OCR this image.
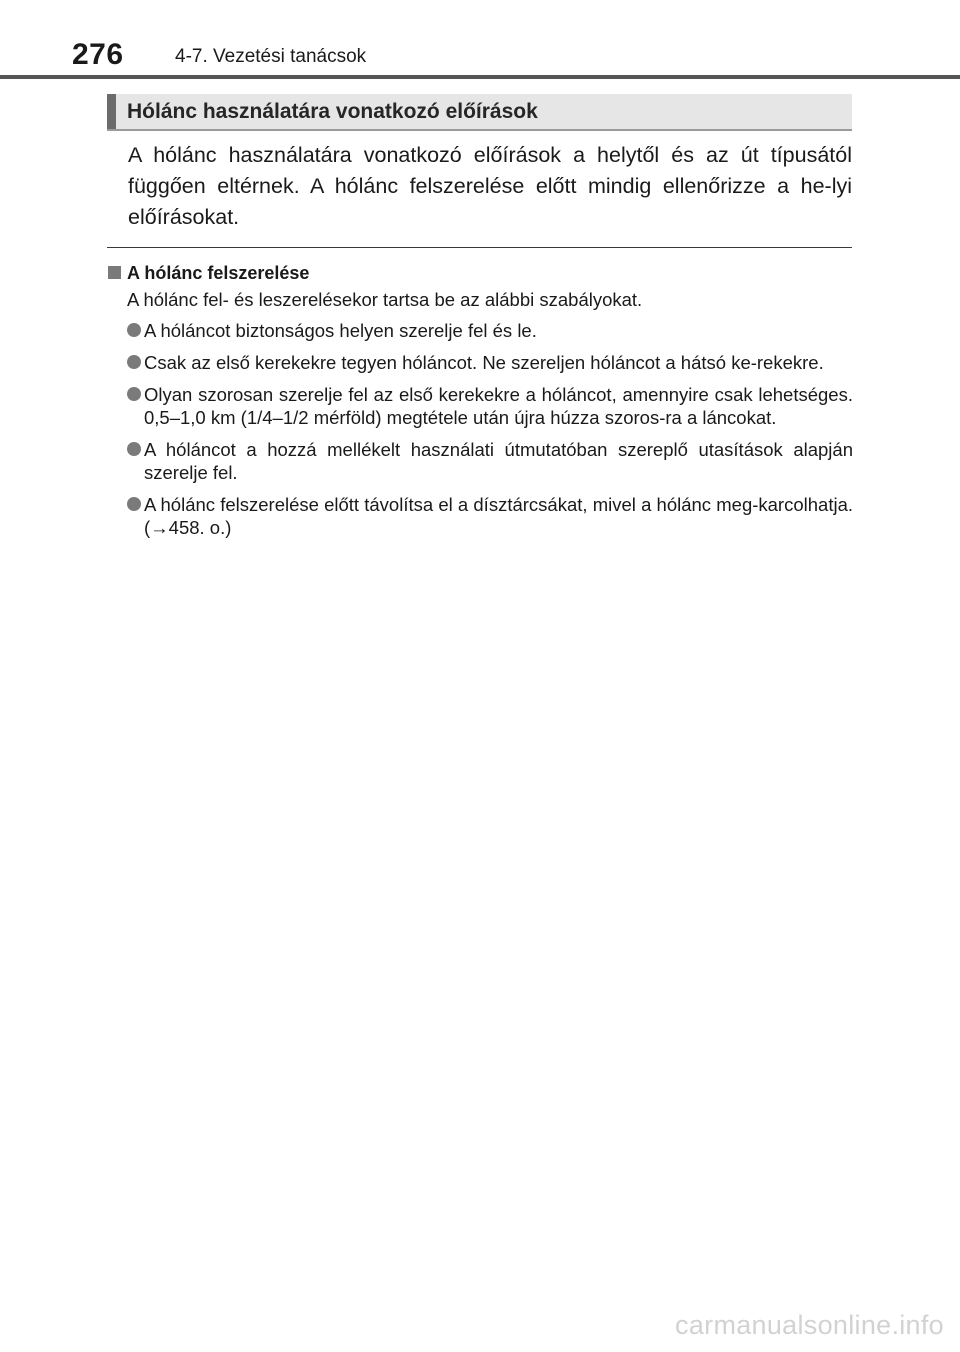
276	4-7. Vezetési tanácsok
Hólánc használatára vonatkozó előírások
A hólánc használatára vonatkozó előírások a helytől és az út típusától függően eltérnek. A hólánc felszerelése előtt mindig ellenőrizze a he-lyi előírásokat.
A hólánc felszerelése
A hólánc fel- és leszerelésekor tartsa be az alábbi szabályokat.
A hóláncot biztonságos helyen szerelje fel és le.
Csak az első kerekekre tegyen hóláncot. Ne szereljen hóláncot a hátsó ke-rekekre.
Olyan szorosan szerelje fel az első kerekekre a hóláncot, amennyire csak lehetséges. 0,5–1,0 km (1/4–1/2 mérföld) megtétele után újra húzza szoros-ra a láncokat.
A hóláncot a hozzá mellékelt használati útmutatóban szereplő utasítások alapján szerelje fel.
A hólánc felszerelése előtt távolítsa el a dísztárcsákat, mivel a hólánc meg-karcolhatja. (→458. o.)
carmanualsonline.info
